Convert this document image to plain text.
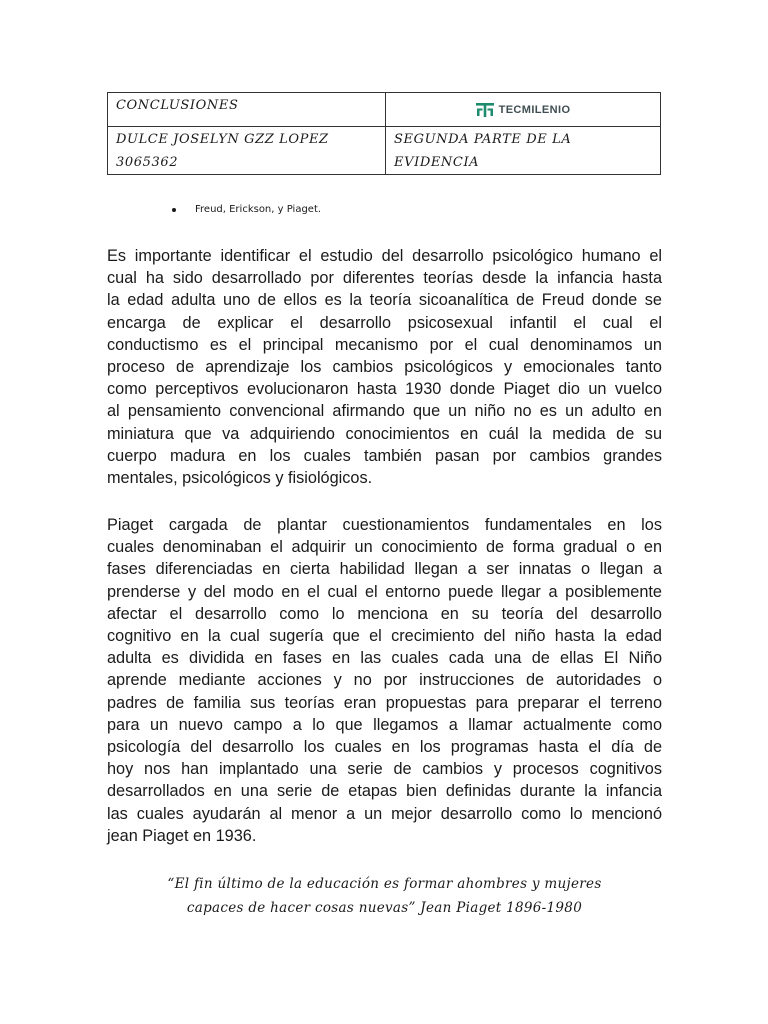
CONCLUSIONES	TECMILENIO

DULCE JOSELYN GZZ LOPEZ
3065362	SEGUNDA PARTE DE LA
EVIDENCIA
Freud, Erickson, y Piaget.

Es importante identificar el estudio del desarrollo psicológico humano el
cual ha sido desarrollado por diferentes teorías desde la infancia hasta
la edad adulta uno de ellos es la teoría sicoanalítica de Freud donde se
encarga de explicar el desarrollo psicosexual infantil el cual el
conductismo es el principal mecanismo por el cual denominamos un
proceso de aprendizaje los cambios psicológicos y emocionales tanto
como perceptivos evolucionaron hasta 1930 donde Piaget dio un vuelco
al pensamiento convencional afirmando que un niño no es un adulto en
miniatura que va adquiriendo conocimientos en cuál la medida de su
cuerpo madura en los cuales también pasan por cambios grandes
mentales, psicológicos y fisiológicos.

Piaget cargada de plantar cuestionamientos fundamentales en los
cuales denominaban el adquirir un conocimiento de forma gradual o en
fases diferenciadas en cierta habilidad llegan a ser innatas o llegan a
prenderse y del modo en el cual el entorno puede llegar a posiblemente
afectar el desarrollo como lo menciona en su teoría del desarrollo
cognitivo en la cual sugería que el crecimiento del niño hasta la edad
adulta es dividida en fases en las cuales cada una de ellas El Niño
aprende mediante acciones y no por instrucciones de autoridades o
padres de familia sus teorías eran propuestas para preparar el terreno
para un nuevo campo a lo que llegamos a llamar actualmente como
psicología del desarrollo los cuales en los programas hasta el día de
hoy nos han implantado una serie de cambios y procesos cognitivos
desarrollados en una serie de etapas bien definidas durante la infancia
las cuales ayudarán al menor a un mejor desarrollo como lo mencionó
jean Piaget en 1936.

“El fin último de la educación es formar ahombres y mujeres
capaces de hacer cosas nuevas” Jean Piaget 1896-1980
